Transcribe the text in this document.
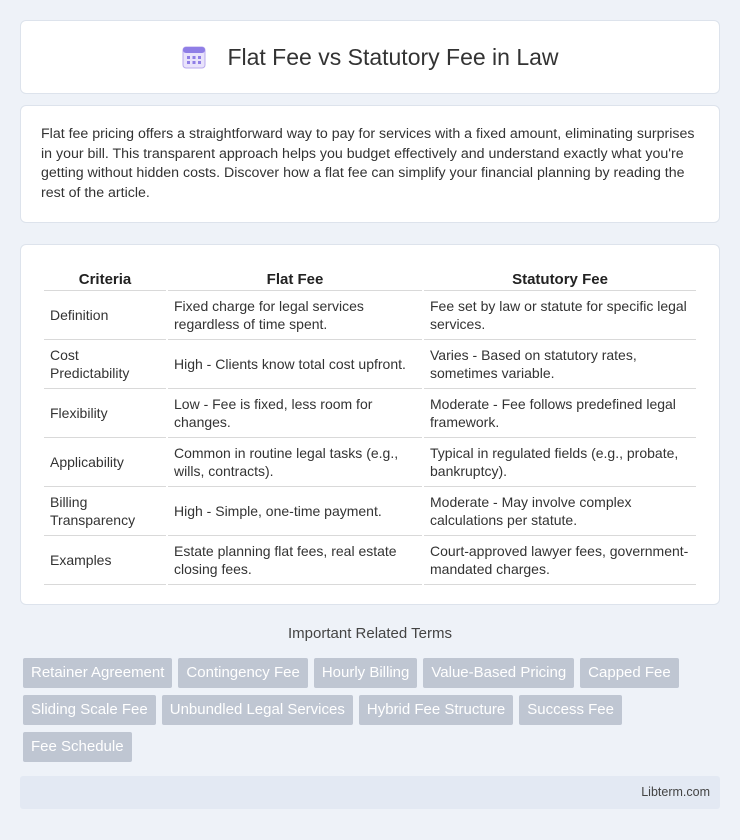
Flat Fee vs Statutory Fee in Law
Flat fee pricing offers a straightforward way to pay for services with a fixed amount, eliminating surprises in your bill. This transparent approach helps you budget effectively and understand exactly what you're getting without hidden costs. Discover how a flat fee can simplify your financial planning by reading the rest of the article.
Criteria	Flat Fee	Statutory Fee
Definition	Fixed charge for legal services regardless of time spent.	Fee set by law or statute for specific legal services.
Cost Predictability	High - Clients know total cost upfront.	Varies - Based on statutory rates, sometimes variable.
Flexibility	Low - Fee is fixed, less room for changes.	Moderate - Fee follows predefined legal framework.
Applicability	Common in routine legal tasks (e.g., wills, contracts).	Typical in regulated fields (e.g., probate, bankruptcy).
Billing Transparency	High - Simple, one-time payment.	Moderate - May involve complex calculations per statute.
Examples	Estate planning flat fees, real estate closing fees.	Court-approved lawyer fees, government-mandated charges.
Important Related Terms
Retainer Agreement	Contingency Fee	Hourly Billing	Value-Based Pricing	Capped Fee
Sliding Scale Fee	Unbundled Legal Services	Hybrid Fee Structure	Success Fee
Fee Schedule
Libterm.com
